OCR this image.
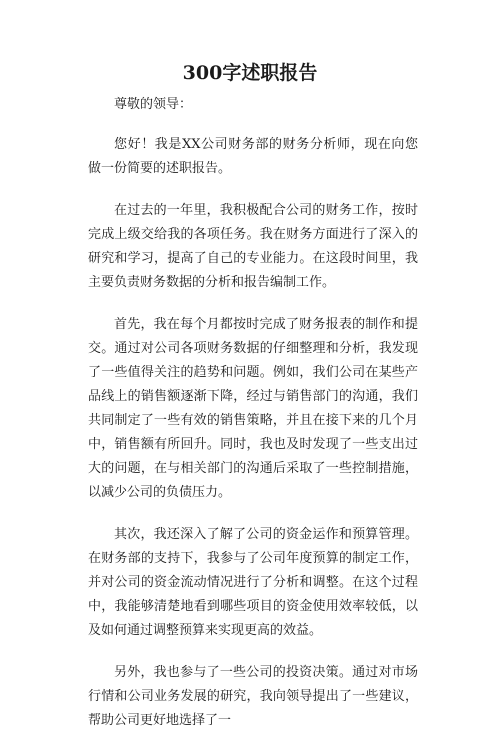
300字述职报告

尊敬的领导：

您好！我是XX公司财务部的财务分析师，现在向您做一份简要的述职报告。

在过去的一年里，我积极配合公司的财务工作，按时完成上级交给我的各项任务。我在财务方面进行了深入的研究和学习，提高了自己的专业能力。在这段时间里，我主要负责财务数据的分析和报告编制工作。

首先，我在每个月都按时完成了财务报表的制作和提交。通过对公司各项财务数据的仔细整理和分析，我发现了一些值得关注的趋势和问题。例如，我们公司在某些产品线上的销售额逐渐下降，经过与销售部门的沟通，我们共同制定了一些有效的销售策略，并且在接下来的几个月中，销售额有所回升。同时，我也及时发现了一些支出过大的问题，在与相关部门的沟通后采取了一些控制措施，以减少公司的负债压力。

其次，我还深入了解了公司的资金运作和预算管理。在财务部的支持下，我参与了公司年度预算的制定工作，并对公司的资金流动情况进行了分析和调整。在这个过程中，我能够清楚地看到哪些项目的资金使用效率较低，以及如何通过调整预算来实现更高的效益。

另外，我也参与了一些公司的投资决策。通过对市场行情和公司业务发展的研究，我向领导提出了一些建议，帮助公司更好地选择了一
